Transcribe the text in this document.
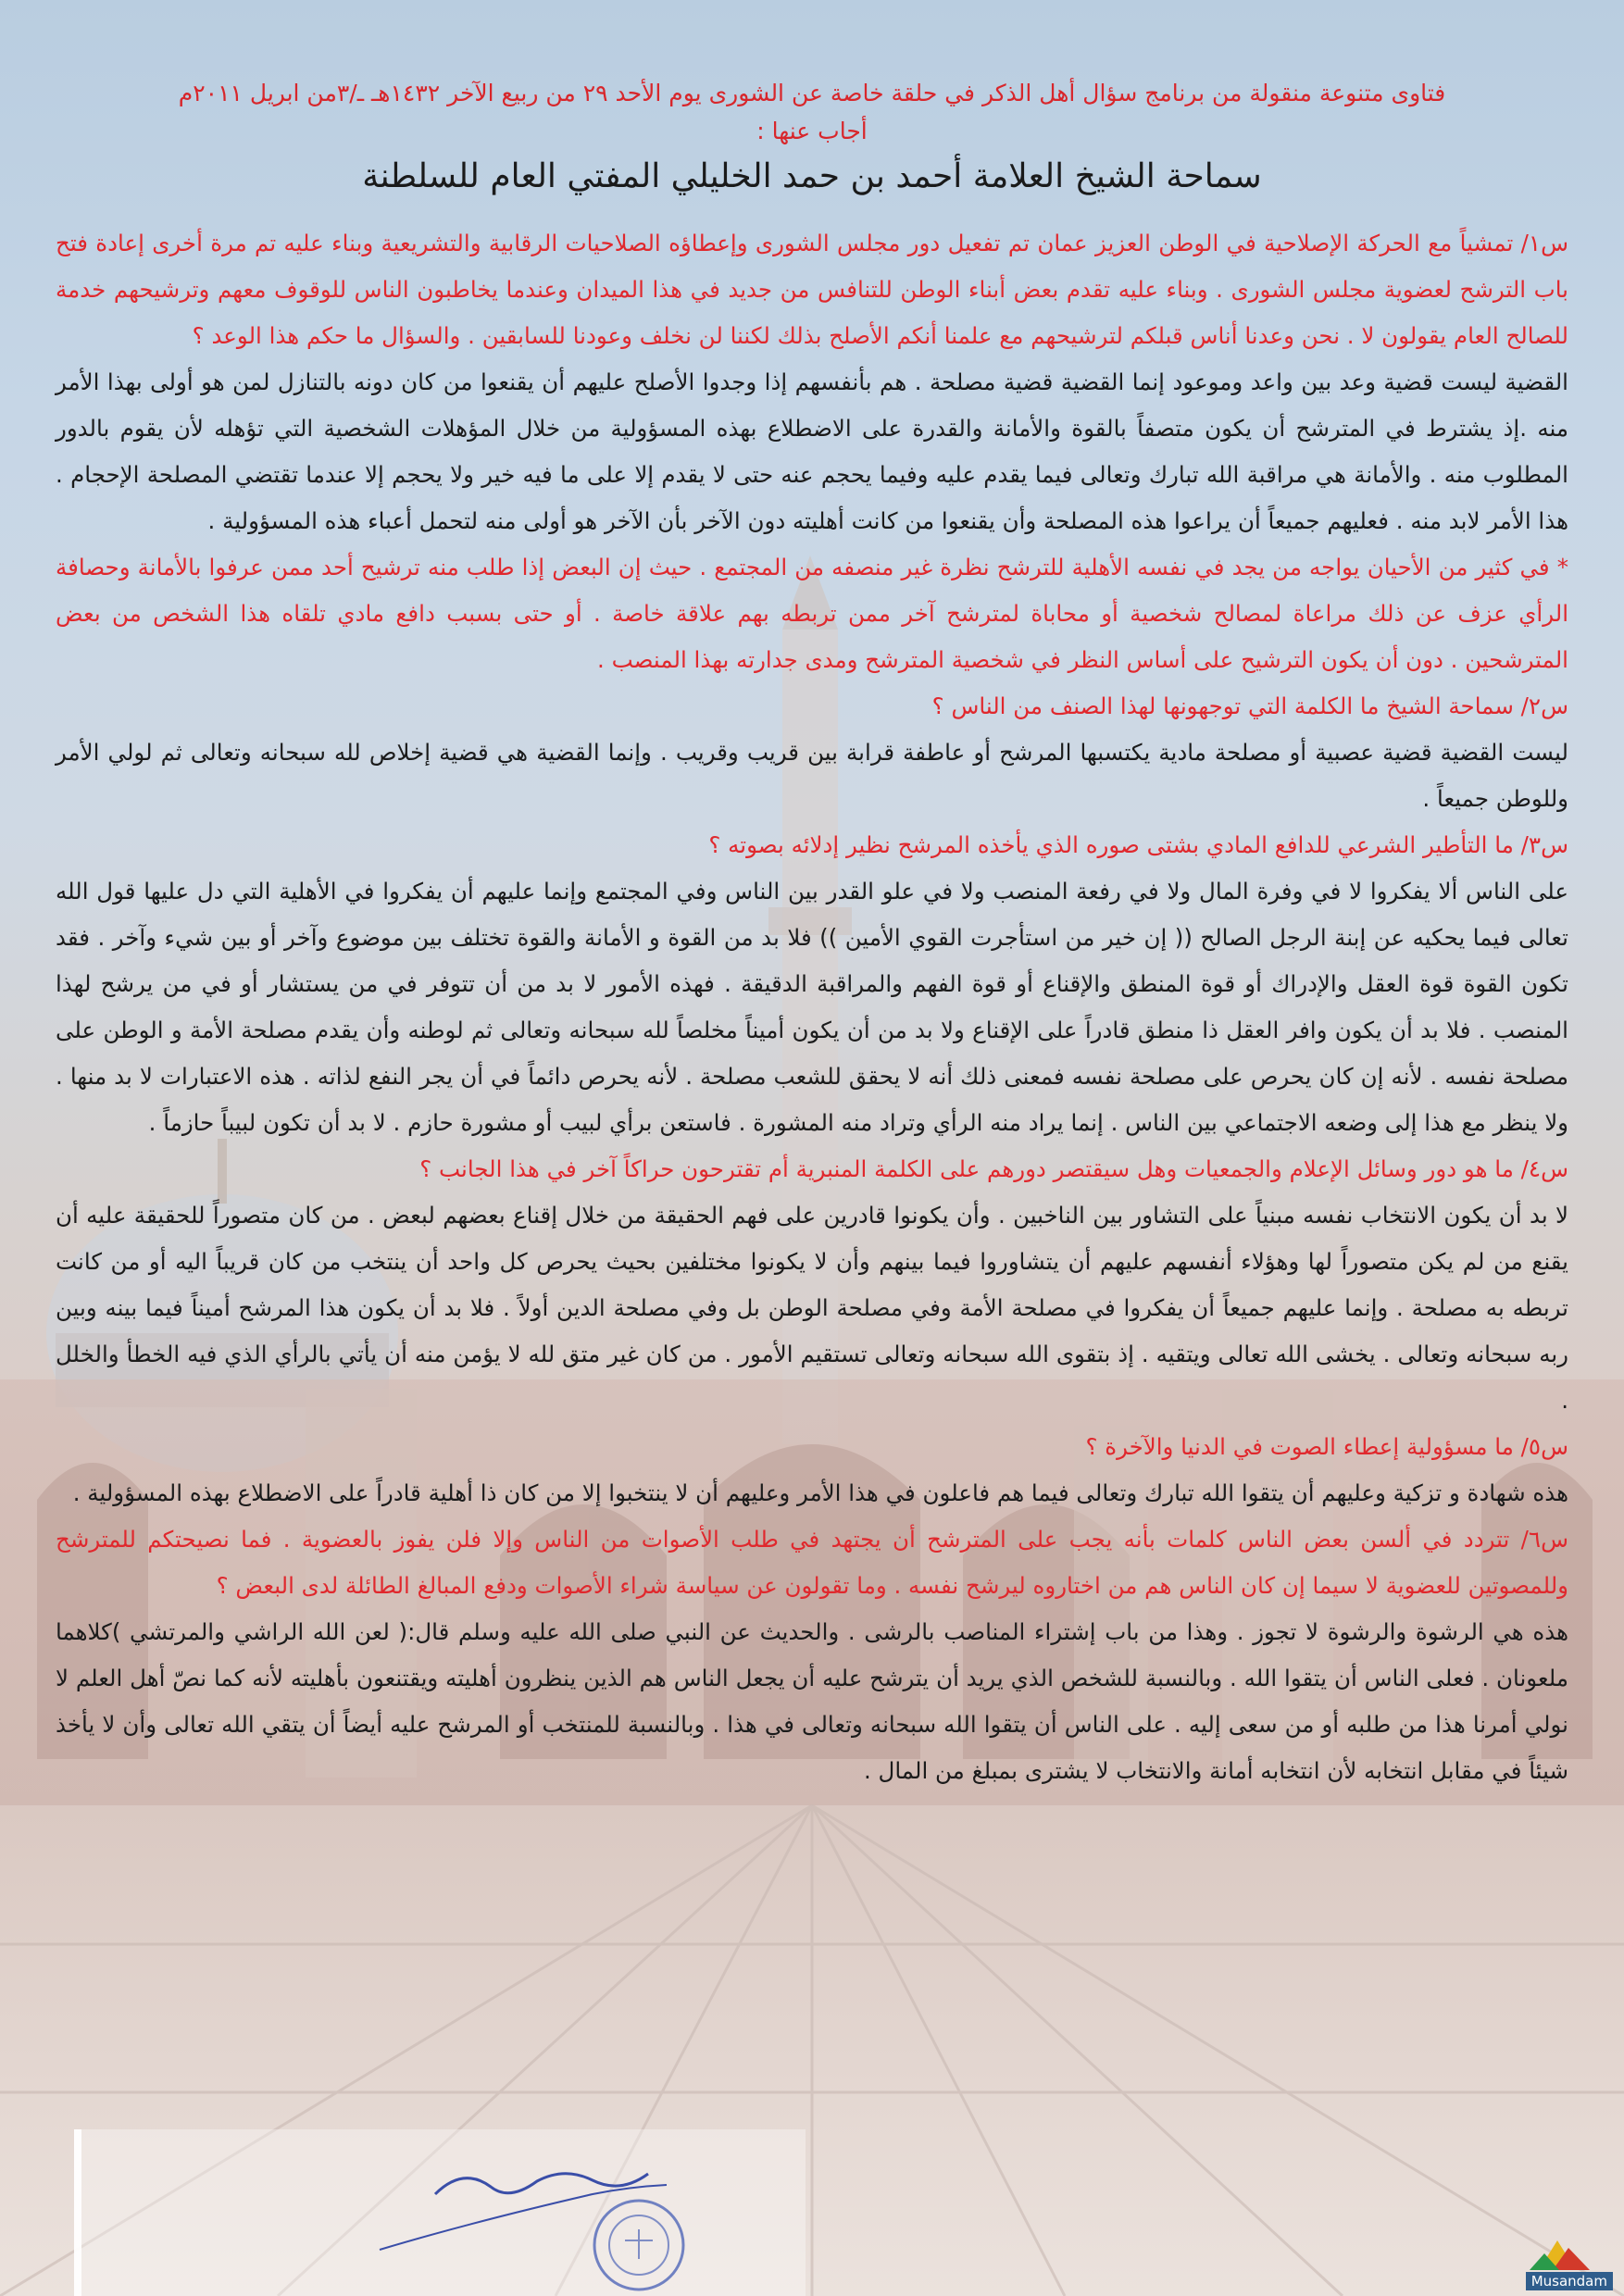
فتاوى متنوعة منقولة من برنامج سؤال أهل الذكر في حلقة خاصة عن الشورى يوم الأحد ٢٩ من ربيع الآخر ١٤٣٢هـ ـ/٣من ابريل ٢٠١١م

أجاب عنها :

سماحة الشيخ العلامة أحمد بن حمد الخليلي المفتي العام للسلطنة

س١/ تمشياً مع الحركة الإصلاحية في الوطن العزيز عمان تم تفعيل دور مجلس الشورى وإعطاؤه الصلاحيات الرقابية والتشريعية وبناء عليه تم مرة أخرى إعادة فتح باب الترشح لعضوية مجلس الشورى . وبناء عليه تقدم بعض أبناء الوطن للتنافس من جديد في هذا الميدان وعندما يخاطبون الناس للوقوف معهم وترشيحهم خدمة للصالح العام يقولون لا . نحن وعدنا أناس قبلكم لترشيحهم مع علمنا أنكم الأصلح بذلك لكننا لن نخلف وعودنا للسابقين . والسؤال ما حكم هذا الوعد ؟

القضية ليست قضية وعد بين واعد وموعود إنما القضية قضية مصلحة . هم بأنفسهم إذا وجدوا الأصلح عليهم أن يقنعوا من كان دونه بالتنازل لمن هو أولى بهذا الأمر منه .إذ يشترط في المترشح أن يكون متصفاً بالقوة والأمانة والقدرة على الاضطلاع بهذه المسؤولية من خلال المؤهلات الشخصية التي تؤهله لأن يقوم بالدور المطلوب منه . والأمانة هي مراقبة الله تبارك وتعالى فيما يقدم عليه وفيما يحجم عنه حتى لا يقدم إلا على ما فيه خير ولا يحجم إلا عندما تقتضي المصلحة الإحجام . هذا الأمر لابد منه . فعليهم جميعاً أن يراعوا هذه المصلحة وأن يقنعوا من كانت أهليته دون الآخر بأن الآخر هو أولى منه لتحمل أعباء هذه المسؤولية .

* في كثير من الأحيان يواجه من يجد في نفسه الأهلية للترشح نظرة غير منصفه من المجتمع . حيث إن البعض إذا طلب منه ترشيح أحد ممن عرفوا بالأمانة وحصافة الرأي عزف عن ذلك مراعاة لمصالح شخصية أو محاباة لمترشح آخر ممن تربطه بهم علاقة خاصة . أو حتى بسبب دافع مادي تلقاه هذا الشخص من بعض المترشحين . دون أن يكون الترشيح على أساس النظر في شخصية المترشح ومدى جدارته بهذا المنصب .

س٢/ سماحة الشيخ ما الكلمة التي توجهونها لهذا الصنف من الناس ؟

ليست القضية قضية عصبية أو مصلحة مادية يكتسبها المرشح أو عاطفة قرابة بين قريب وقريب . وإنما القضية هي قضية إخلاص لله سبحانه وتعالى ثم لولي الأمر وللوطن جميعاً .

س٣/ ما التأطير الشرعي للدافع المادي بشتى صوره الذي يأخذه المرشح نظير إدلائه بصوته ؟

على الناس ألا يفكروا لا في وفرة المال ولا في رفعة المنصب ولا في علو القدر بين الناس وفي المجتمع وإنما عليهم أن يفكروا في الأهلية التي دل عليها قول الله تعالى فيما يحكيه عن إبنة الرجل الصالح (( إن خير من استأجرت القوي الأمين )) فلا بد من القوة و الأمانة والقوة تختلف بين موضوع وآخر أو بين شيء وآخر . فقد تكون القوة قوة العقل والإدراك أو قوة المنطق والإقناع أو قوة الفهم والمراقبة الدقيقة . فهذه الأمور لا بد من أن تتوفر في من يستشار أو في من يرشح لهذا المنصب . فلا بد أن يكون وافر العقل ذا منطق قادراً على الإقناع ولا بد من أن يكون أميناً مخلصاً لله سبحانه وتعالى ثم لوطنه وأن يقدم مصلحة الأمة و الوطن على مصلحة نفسه . لأنه إن كان يحرص على مصلحة نفسه فمعنى ذلك أنه لا يحقق للشعب مصلحة . لأنه يحرص دائماً في أن يجر النفع لذاته . هذه الاعتبارات لا بد منها . ولا ينظر مع هذا إلى وضعه الاجتماعي بين الناس . إنما يراد منه الرأي وتراد منه المشورة . فاستعن برأي لبيب أو مشورة حازم . لا بد أن تكون لبيباً حازماً .

س٤/ ما هو دور وسائل الإعلام والجمعيات وهل سيقتصر دورهم على الكلمة المنبرية أم تقترحون حراكاً آخر في هذا الجانب ؟

لا بد أن يكون الانتخاب نفسه مبنياً على التشاور بين الناخبين . وأن يكونوا قادرين على فهم الحقيقة من خلال إقناع بعضهم لبعض . من كان متصوراً للحقيقة عليه أن يقنع من لم يكن متصوراً لها وهؤلاء أنفسهم عليهم أن يتشاوروا فيما بينهم وأن لا يكونوا مختلفين بحيث يحرص كل واحد أن ينتخب من كان قريباً اليه أو من كانت تربطه به مصلحة . وإنما عليهم جميعاً أن يفكروا في مصلحة الأمة وفي مصلحة الوطن بل وفي مصلحة الدين أولاً . فلا بد أن يكون هذا المرشح أميناً فيما بينه وبين ربه سبحانه وتعالى . يخشى الله تعالى ويتقيه . إذ بتقوى الله سبحانه وتعالى تستقيم الأمور . من كان غير متق لله لا يؤمن منه أن يأتي بالرأي الذي فيه الخطأ والخلل .

س٥/ ما مسؤولية إعطاء الصوت في الدنيا والآخرة ؟

هذه شهادة و تزكية وعليهم أن يتقوا الله تبارك وتعالى فيما هم فاعلون في هذا الأمر وعليهم أن لا ينتخبوا إلا من كان ذا أهلية قادراً على الاضطلاع بهذه المسؤولية .

س٦/ تتردد في ألسن بعض الناس كلمات بأنه يجب على المترشح أن يجتهد في طلب الأصوات من الناس وإلا فلن يفوز بالعضوية . فما نصيحتكم للمترشح وللمصوتين للعضوية لا سيما إن كان الناس هم من اختاروه ليرشح نفسه . وما تقولون عن سياسة شراء الأصوات ودفع المبالغ الطائلة لدى البعض ؟

هذه هي الرشوة والرشوة لا تجوز . وهذا من باب إشتراء المناصب بالرشى . والحديث عن النبي صلى الله عليه وسلم قال:( لعن الله الراشي والمرتشي )كلاهما ملعونان . فعلى الناس أن يتقوا الله . وبالنسبة للشخص الذي يريد أن يترشح عليه أن يجعل الناس هم الذين ينظرون أهليته ويقتنعون بأهليته لأنه كما نصّ أهل العلم لا نولي أمرنا هذا من طلبه أو من سعى إليه . على الناس أن يتقوا الله سبحانه وتعالى في هذا . وبالنسبة للمنتخب أو المرشح عليه أيضاً أن يتقي الله تعالى وأن لا يأخذ شيئاً في مقابل انتخابه لأن انتخابه أمانة والانتخاب لا يشترى بمبلغ من المال .

Musandam
